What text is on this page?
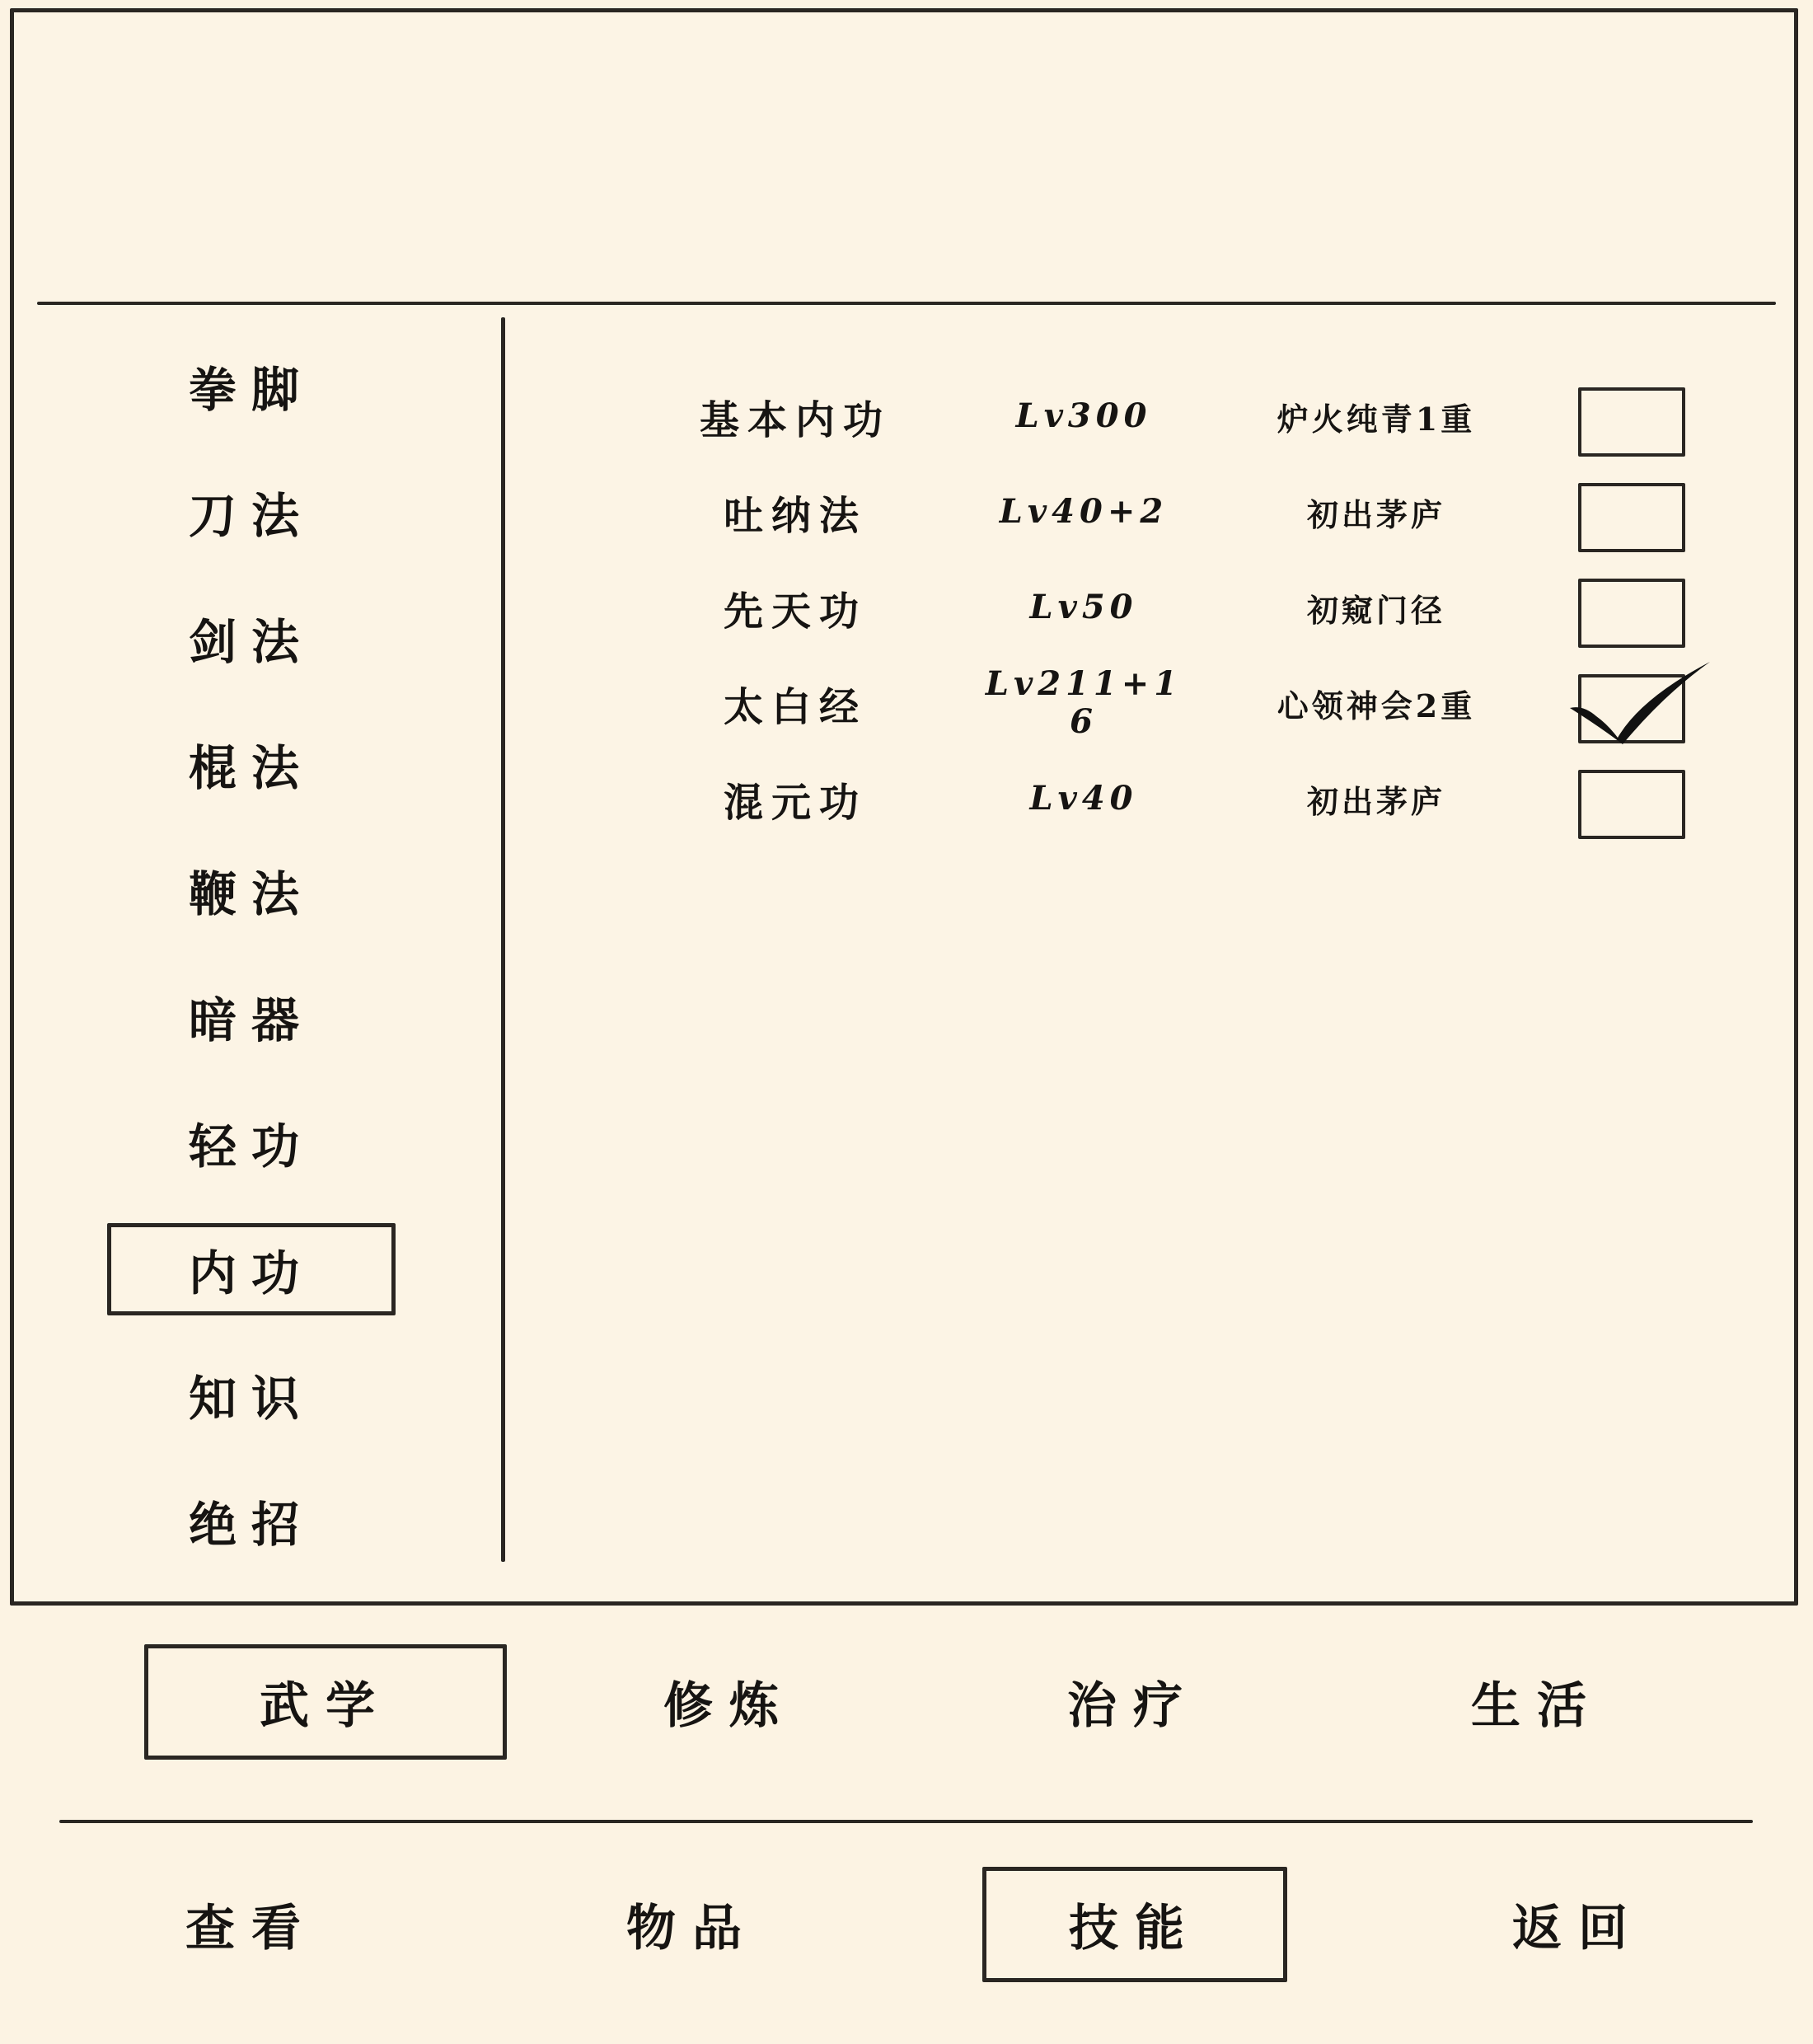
拳脚
刀法
剑法
棍法
鞭法
暗器
轻功
内功
知识
绝招
基本内功	Lv300	炉火纯青1重
吐纳法	Lv40+2	初出茅庐
先天功	Lv50	初窥门径
太白经	Lv211+16	心领神会2重
混元功	Lv40	初出茅庐
武学	修炼	治疗	生活
查看	物品	技能	返回
